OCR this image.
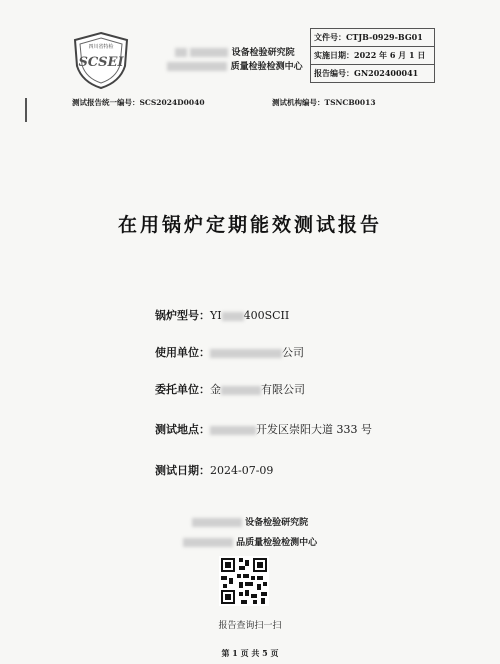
四川省特检
SCSEI
设备检验研究院
质量检验检测中心
文件号：CTJB-0929-BG01
实施日期：2022 年 6 月 1 日
报告编号：GN202400041
测试报告统一编号：SCS2024D0040	测试机构编号：TSNCB0013
在用锅炉定期能效测试报告
锅炉型号：YI 400SCII
使用单位：	公司
委托单位：金	有限公司
测试地点：	开发区崇阳大道 333 号
测试日期：2024-07-09
设备检验研究院
品质量检验检测中心
报告查询扫一扫
第 1 页 共 5 页
